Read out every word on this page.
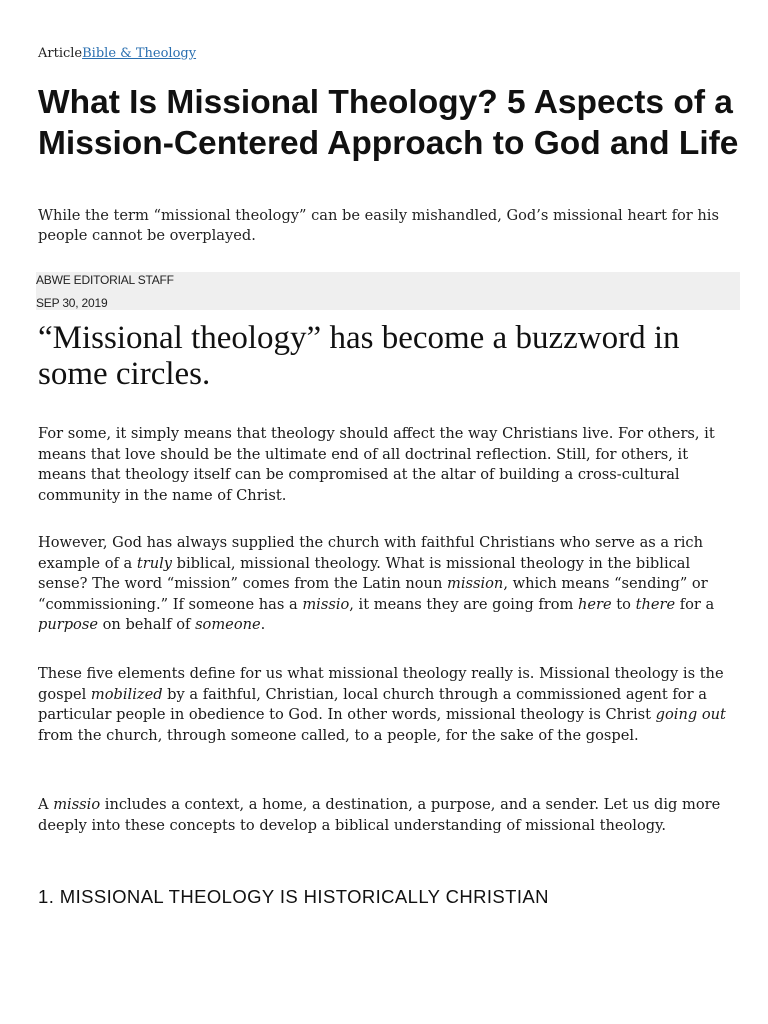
ArticleBible & Theology
What Is Missional Theology? 5 Aspects of a Mission-Centered Approach to God and Life

While the term “missional theology” can be easily mishandled, God’s missional heart for his people cannot be overplayed.

ABWE EDITORIAL STAFF
SEP 30, 2019

“Missional theology” has become a buzzword in some circles.

For some, it simply means that theology should affect the way Christians live. For others, it means that love should be the ultimate end of all doctrinal reflection. Still, for others, it means that theology itself can be compromised at the altar of building a cross-cultural community in the name of Christ.

However, God has always supplied the church with faithful Christians who serve as a rich example of a truly biblical, missional theology. What is missional theology in the biblical sense? The word “mission” comes from the Latin noun mission, which means “sending” or “commissioning.” If someone has a missio, it means they are going from here to there for a purpose on behalf of someone.

These five elements define for us what missional theology really is. Missional theology is the gospel mobilized by a faithful, Christian, local church through a commissioned agent for a particular people in obedience to God. In other words, missional theology is Christ going out from the church, through someone called, to a people, for the sake of the gospel.

A missio includes a context, a home, a destination, a purpose, and a sender. Let us dig more deeply into these concepts to develop a biblical understanding of missional theology.

1. MISSIONAL THEOLOGY IS HISTORICALLY CHRISTIAN
